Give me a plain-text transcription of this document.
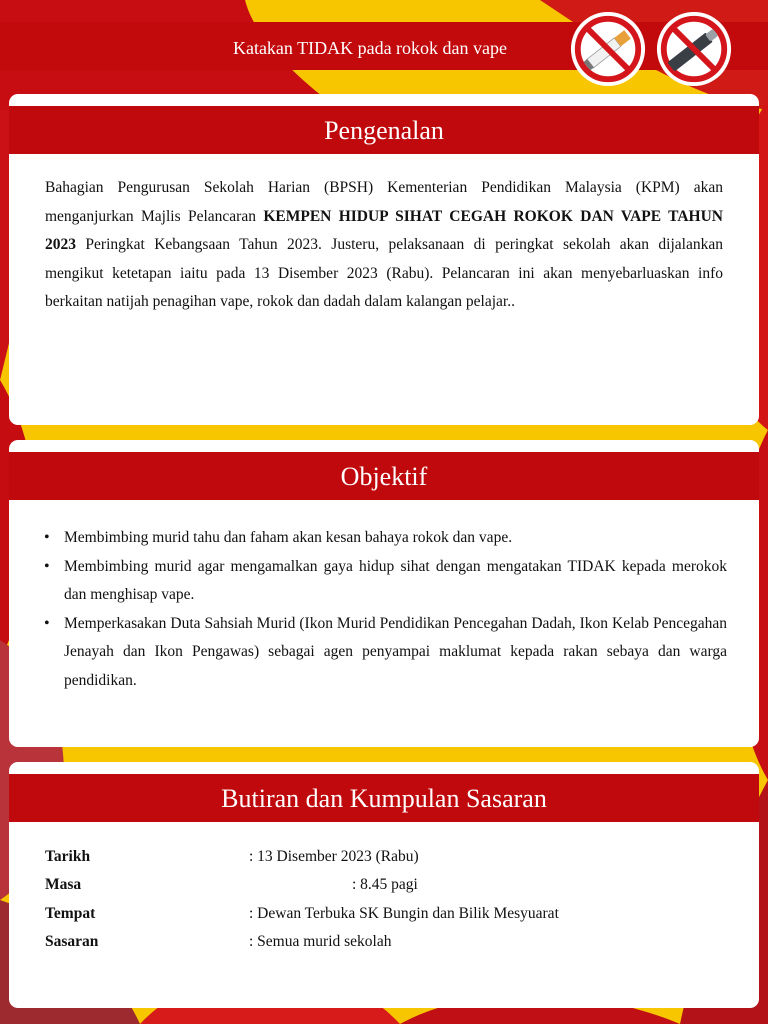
Katakan TIDAK pada rokok dan vape
Pengenalan

Bahagian Pengurusan Sekolah Harian (BPSH) Kementerian Pendidikan Malaysia (KPM) akan menganjurkan Majlis Pelancaran KEMPEN HIDUP SIHAT CEGAH ROKOK DAN VAPE TAHUN 2023 Peringkat Kebangsaan Tahun 2023. Justeru, pelaksanaan di peringkat sekolah akan dijalankan mengikut ketetapan iaitu pada 13 Disember 2023 (Rabu). Pelancaran ini akan menyebarluaskan info berkaitan natijah penagihan vape, rokok dan dadah dalam kalangan pelajar..

Objektif
• Membimbing murid tahu dan faham akan kesan bahaya rokok dan vape.
• Membimbing murid agar mengamalkan gaya hidup sihat dengan mengatakan TIDAK kepada merokok dan menghisap vape.
• Memperkasakan Duta Sahsiah Murid (Ikon Murid Pendidikan Pencegahan Dadah, Ikon Kelab Pencegahan Jenayah dan Ikon Pengawas) sebagai agen penyampai maklumat kepada rakan sebaya dan warga pendidikan.
Butiran dan Kumpulan Sasaran
Tarikh	: 13 Disember 2023 (Rabu)
Masa	: 8.45 pagi
Tempat	: Dewan Terbuka SK Bungin dan Bilik Mesyuarat
Sasaran	: Semua murid sekolah
